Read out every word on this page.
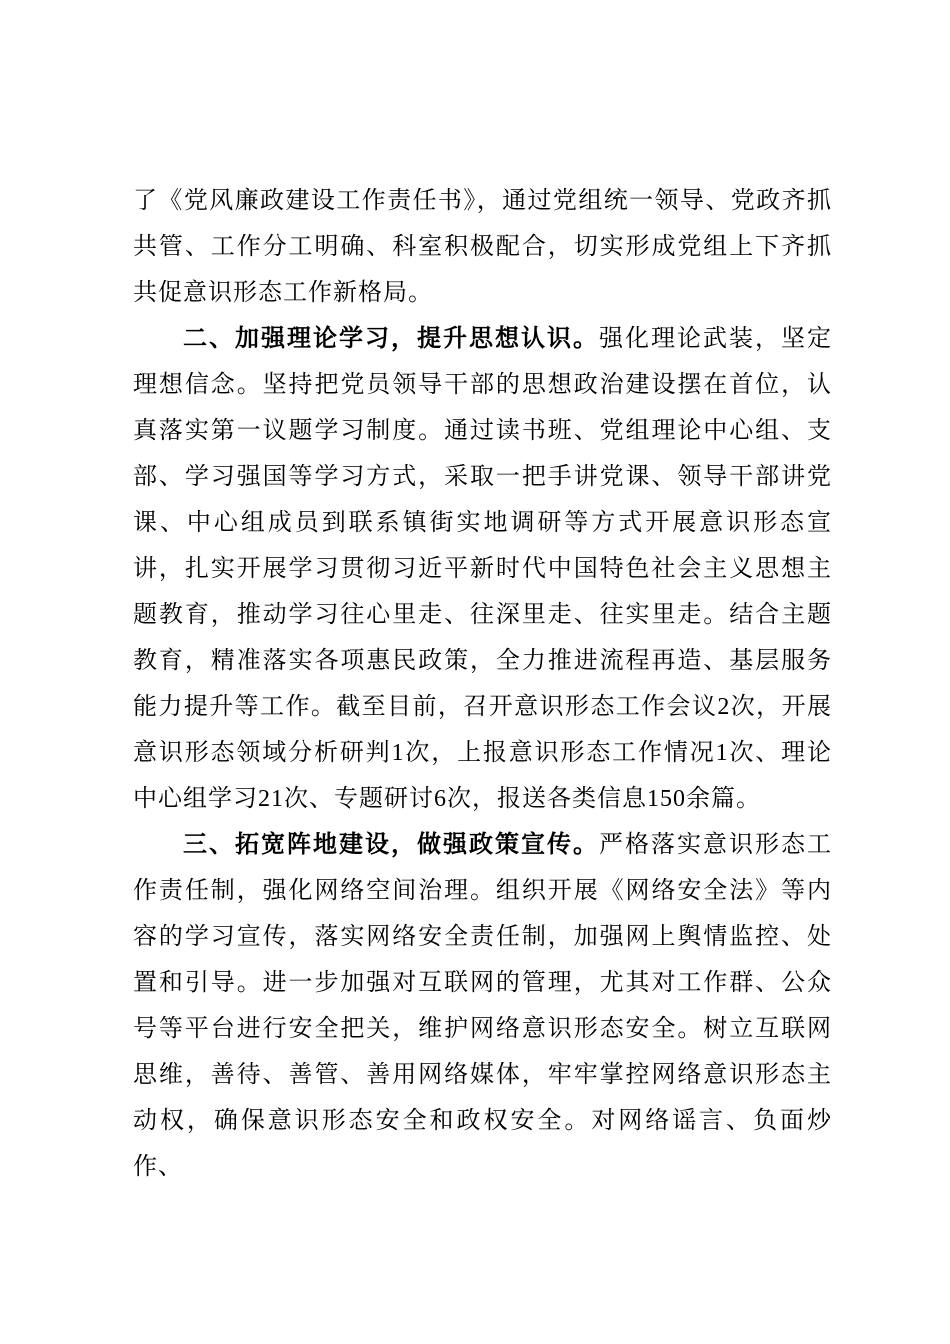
了《党风廉政建设工作责任书》，通过党组统一领导、党政齐抓共管、工作分工明确、科室积极配合，切实形成党组上下齐抓共促意识形态工作新格局。

二、加强理论学习，提升思想认识。强化理论武装，坚定理想信念。坚持把党员领导干部的思想政治建设摆在首位，认真落实第一议题学习制度。通过读书班、党组理论中心组、支部、学习强国等学习方式，采取一把手讲党课、领导干部讲党课、中心组成员到联系镇街实地调研等方式开展意识形态宣讲，扎实开展学习贯彻习近平新时代中国特色社会主义思想主题教育，推动学习往心里走、往深里走、往实里走。结合主题教育，精准落实各项惠民政策，全力推进流程再造、基层服务能力提升等工作。截至目前，召开意识形态工作会议2次，开展意识形态领域分析研判1次，上报意识形态工作情况1次、理论中心组学习21次、专题研讨6次，报送各类信息150余篇。

三、拓宽阵地建设，做强政策宣传。严格落实意识形态工作责任制，强化网络空间治理。组织开展《网络安全法》等内容的学习宣传，落实网络安全责任制，加强网上舆情监控、处置和引导。进一步加强对互联网的管理，尤其对工作群、公众号等平台进行安全把关，维护网络意识形态安全。树立互联网思维，善待、善管、善用网络媒体，牢牢掌控网络意识形态主动权，确保意识形态安全和政权安全。对网络谣言、负面炒作、
